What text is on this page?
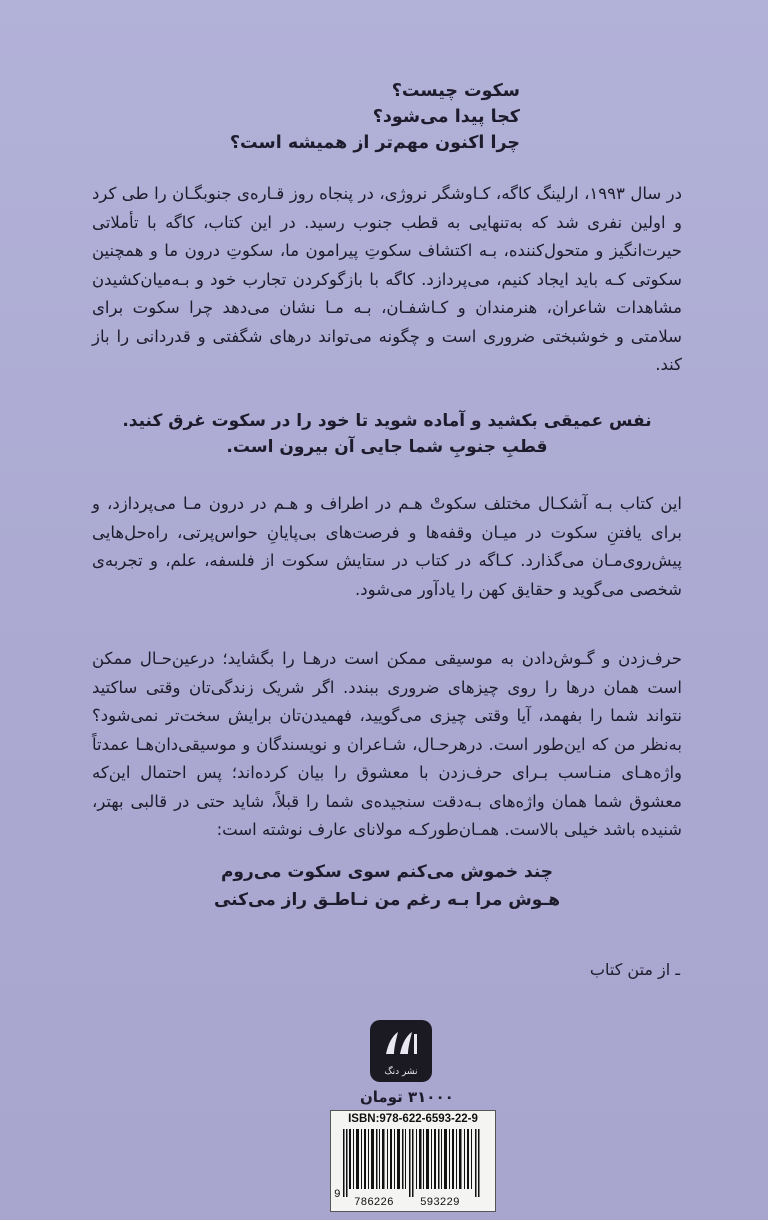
سکوت چیست؟
کجا پیدا می‌شود؟
چرا اکنون مهم‌تر از همیشه است؟
در سال ۱۹۹۳، ارلینگ کاگه، کـاوشگر نروژی، در پنجاه روز قـاره‌ی جنوبگـان را طی کرد و اولین نفری شد که به‌تنهایی به قطب جنوب رسید. در این کتاب، کاگه با تأملاتی حیرت‌انگیز و متحول‌کننده، بـه اکتشاف سکوتِ پیرامون ما، سکوتِ درون ما و همچنین سکوتی کـه باید ایجاد کنیم، می‌پردازد. کاگه با بازگوکردن تجارب خود و بـه‌میان‌کشیدن مشاهدات شاعران، هنرمندان و کـاشفـان، بـه مـا نشان می‌دهد چرا سکوت برای سلامتی و خوشبختی ضروری است و چگونه می‌تواند درهای شگفتی و قدردانی را باز کند.
نفس عمیقی بکشید و آماده شوید تا خود را در سکوت غرق کنید.
قطبِ جنوبِ شما جایی آن بیرون است.
این کتاب بـه آشکـال مختلف سکوتْ هـم در اطراف و هـم در درون مـا می‌پردازد، و برای یافتنِ سکوت در میـان وقفه‌ها و فرصت‌های بی‌پایانِ حواس‌پرتی، راه‌حل‌هایی پیش‌روی‌مـان می‌گذارد. کـاگه در کتاب در ستایش سکوت از فلسفه، علم، و تجربه‌ی شخصی می‌گوید و حقایق کهن را یادآور می‌شود.
حرف‌زدن و گـوش‌دادن به موسیقی ممکن است درهـا را بگشاید؛ درعین‌حـال ممکن است همان درها را روی چیزهای ضروری ببندد. اگر شریک زندگی‌تان وقتی ساکتید نتواند شما را بفهمد، آیا وقتی چیزی می‌گویید، فهمیدن‌تان برایش سخت‌تر نمی‌شود؟ به‌نظر من که این‌طور است. درهرحـال، شـاعران و نویسندگان و موسیقی‌دان‌هـا عمدتاً واژه‌هـای منـاسب بـرای حرف‌زدن با معشوق را بیان کرده‌اند؛ پس احتمال این‌که معشوق شما همان واژه‌های بـه‌دقت سنجیده‌ی شما را قبلاً، شاید حتی در قالبی بهتر، شنیده باشد خیلی بالاست. همـان‌طورکـه مولانای عارف نوشته است:
چند خموش می‌کنم سوی سکوت می‌روم
هـوش مرا بـه رغم من نـاطـق راز می‌کنی
ـ از متن کتاب
نشر دنگ
۳۱۰۰۰ تومان
ISBN:978-622-6593-22-9
9
786226 593229
